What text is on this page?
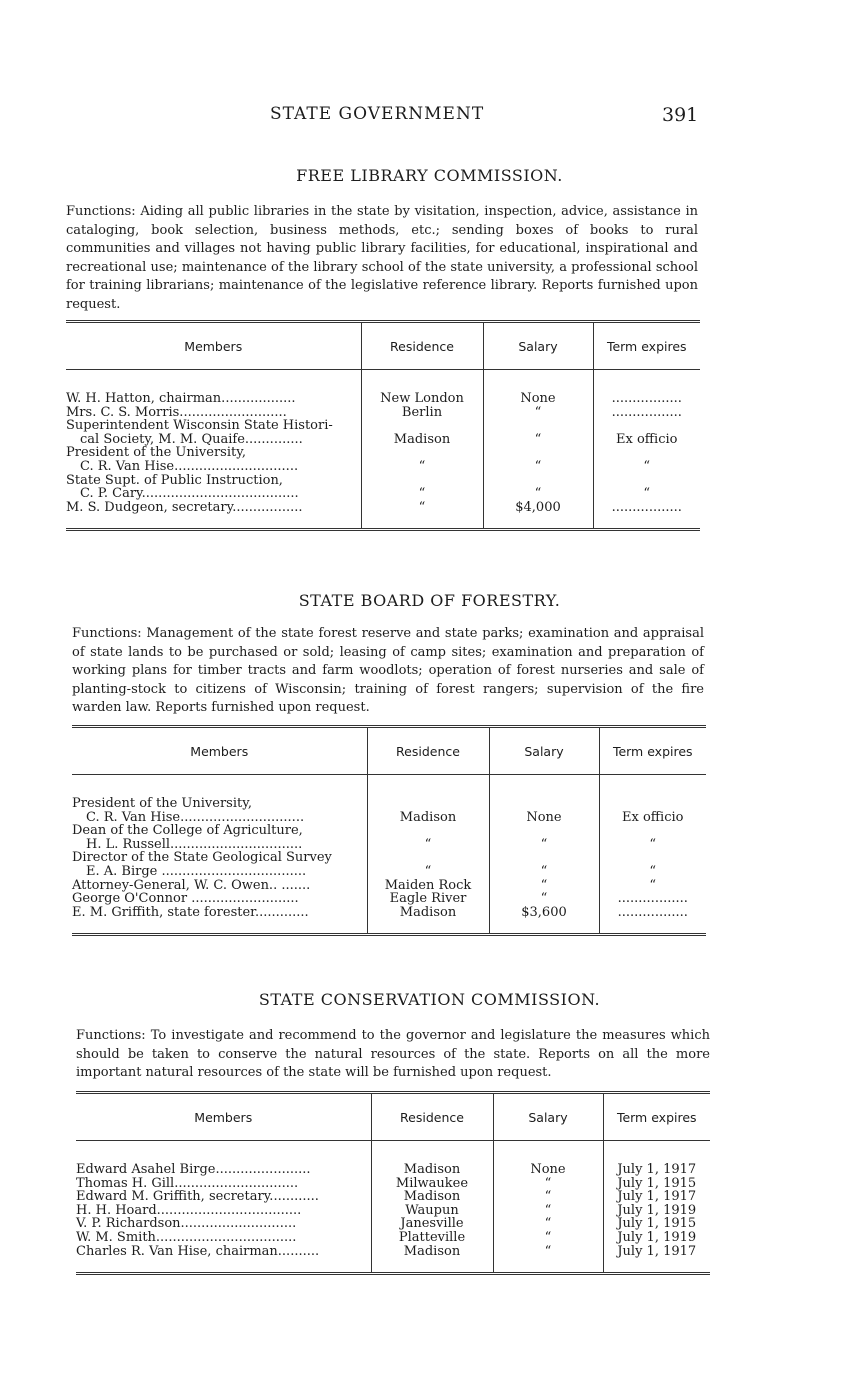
STATE GOVERNMENT	391
FREE LIBRARY COMMISSION.

Functions: Aiding all public libraries in the state by visitation, inspection, advice, assistance in cataloging, book selection, business methods, etc.; sending boxes of books to rural communities and villages not having public library facilities, for educational, inspirational and recreational use; maintenance of the library school of the state university, a professional school for training librarians; maintenance of the legislative reference library. Reports furnished upon request.

Members	Residence	Salary	Term expires

W. H. Hatton, chairman..................	New London	None	.................
Mrs. C. S. Morris..........................	Berlin	“	.................
Superintendent Wisconsin State Histori-			
cal Society, M. M. Quaife..............	Madison	“	Ex officio
President of the University,			
C. R. Van Hise..............................	“	“	“
State Supt. of Public Instruction,			
C. P. Cary......................................	“	“	“
M. S. Dudgeon, secretary.................	“	$4,000	.................

STATE BOARD OF FORESTRY.

Functions: Management of the state forest reserve and state parks; examination and appraisal of state lands to be purchased or sold; leasing of camp sites; examination and preparation of working plans for timber tracts and farm woodlots; operation of forest nurseries and sale of planting-stock to citizens of Wisconsin; training of forest rangers; supervision of the fire warden law. Reports furnished upon request.

Members	Residence	Salary	Term expires

President of the University,			
C. R. Van Hise..............................	Madison	None	Ex officio
Dean of the College of Agriculture,			
H. L. Russell................................	“	“	“
Director of the State Geological Survey			
E. A. Birge ...................................	“	“	“
Attorney-General, W. C. Owen.. .......	Maiden Rock	“	“
George O'Connor ..........................	Eagle River	“	.................
E. M. Griffith, state forester.............	Madison	$3,600	.................

STATE CONSERVATION COMMISSION.

Functions: To investigate and recommend to the governor and legislature the measures which should be taken to conserve the natural resources of the state. Reports on all the more important natural resources of the state will be furnished upon request.

Members	Residence	Salary	Term expires

Edward Asahel Birge.......................	Madison	None	July 1, 1917
Thomas H. Gill..............................	Milwaukee	“	July 1, 1915
Edward M. Griffith, secretary............	Madison	“	July 1, 1917
H. H. Hoard...................................	Waupun	“	July 1, 1919
V. P. Richardson............................	Janesville	“	July 1, 1915
W. M. Smith..................................	Platteville	“	July 1, 1919
Charles R. Van Hise, chairman..........	Madison	“	July 1, 1917
